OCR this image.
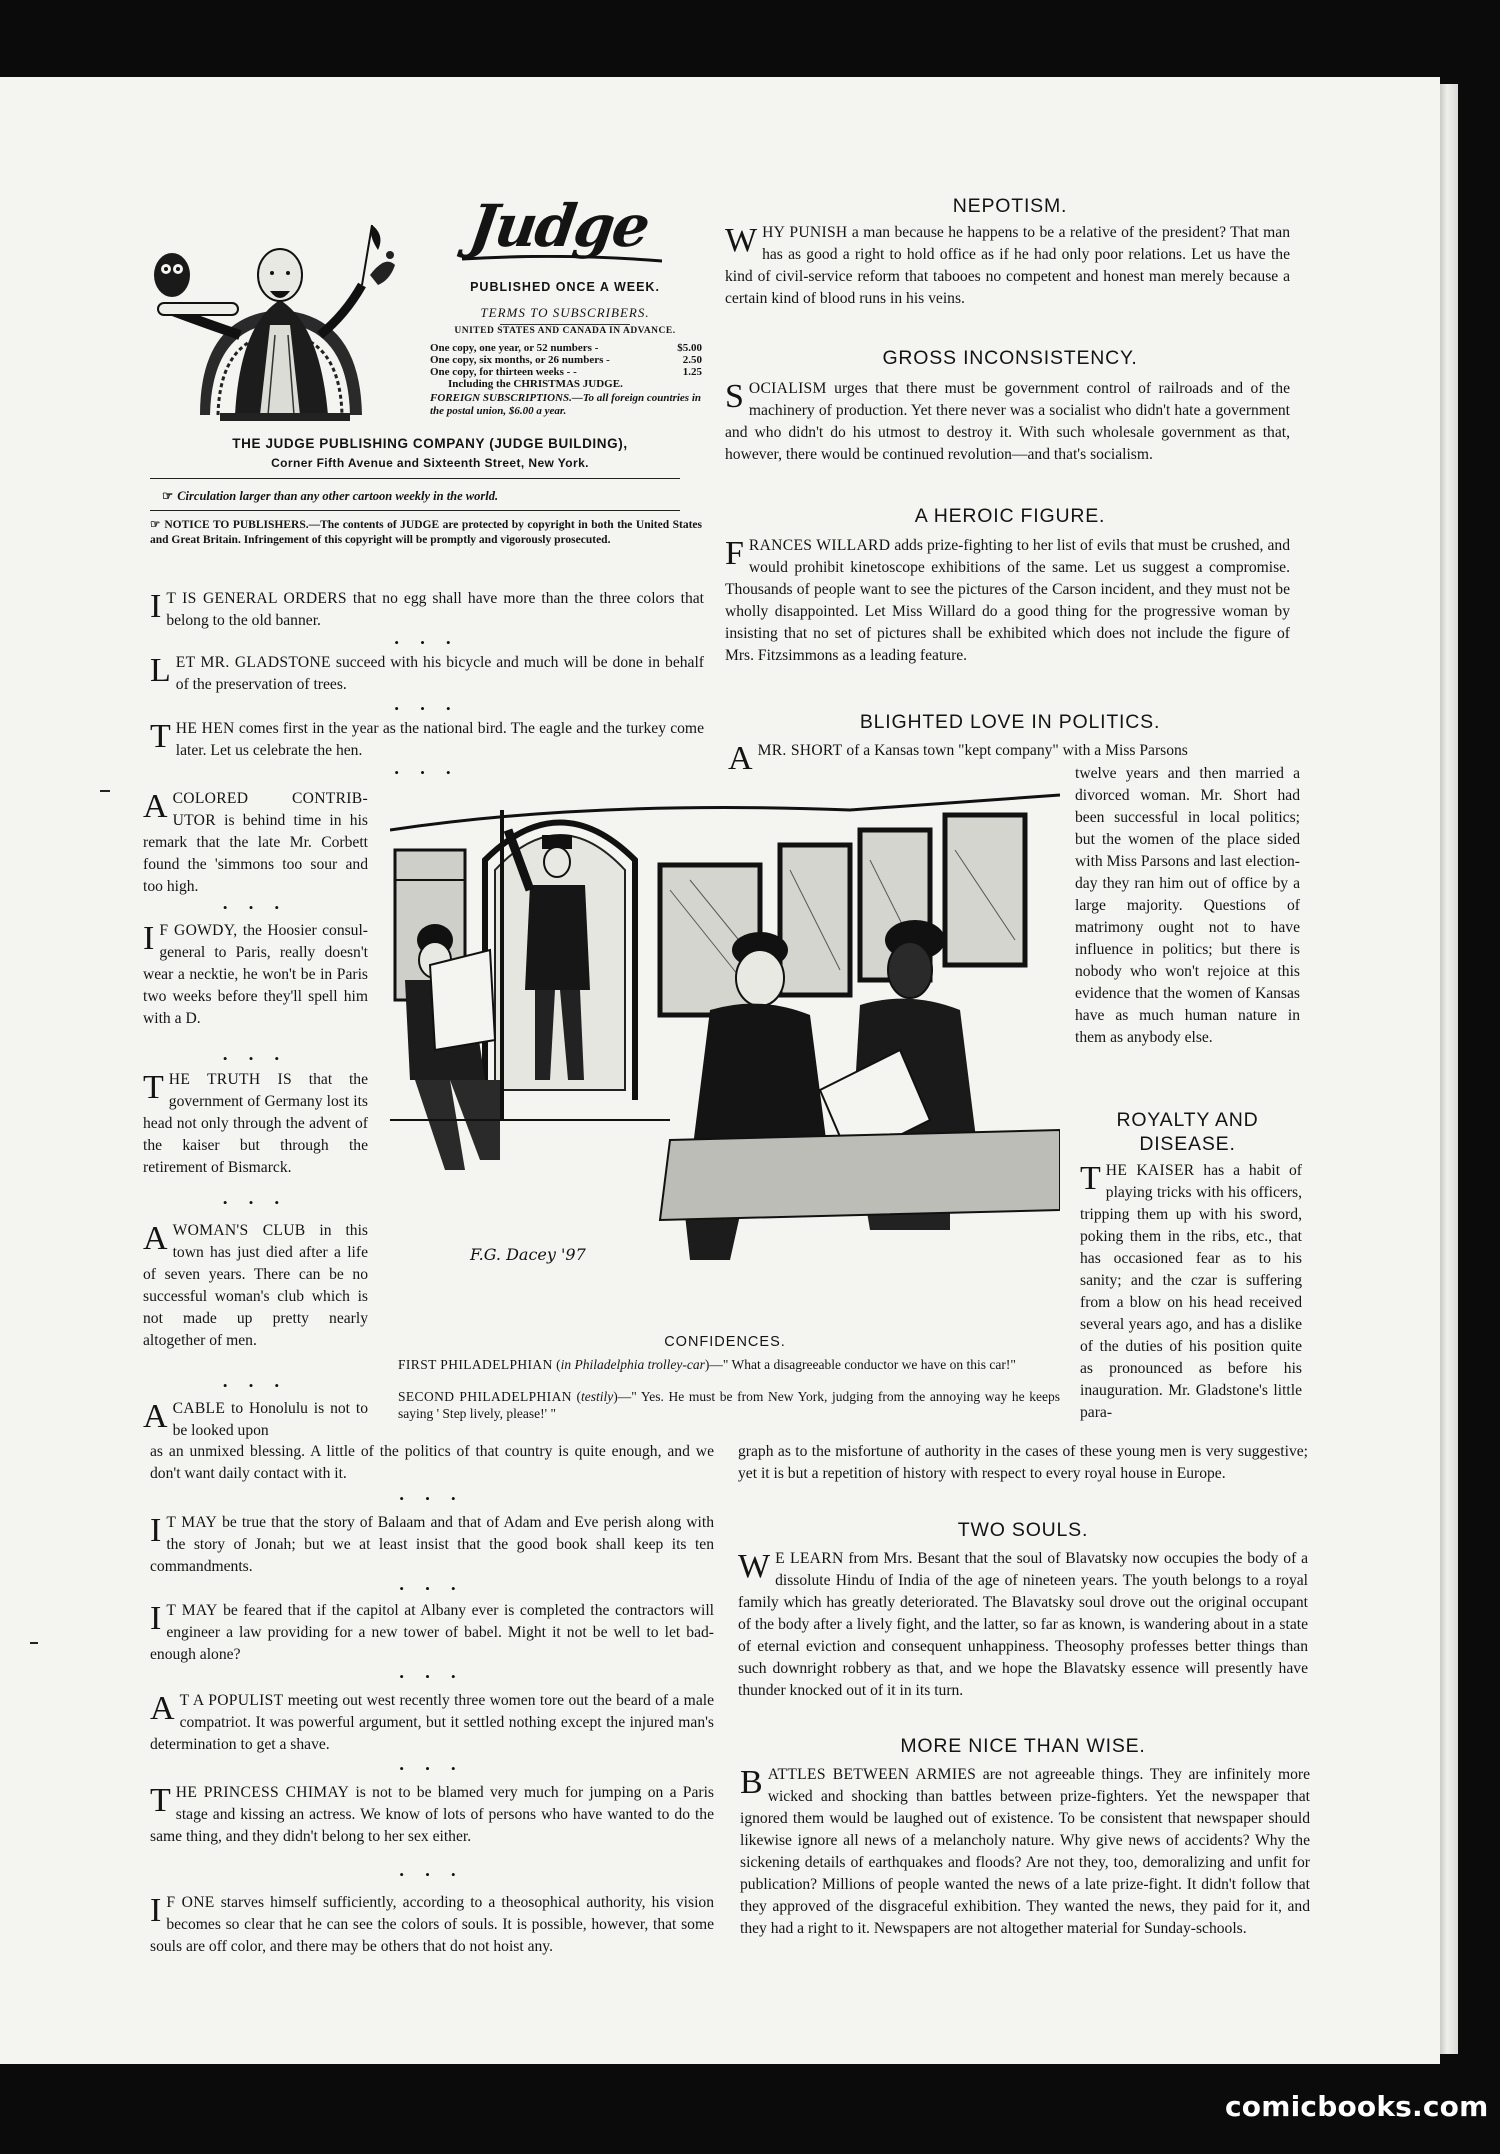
Judge
PUBLISHED ONCE A WEEK.
TERMS TO SUBSCRIBERS.
UNITED STATES AND CANADA IN ADVANCE.
One copy, one year, or 52 numbers -	$5.00
One copy, six months, or 26 numbers -	2.50
One copy, for thirteen weeks - -	1.25
Including the CHRISTMAS JUDGE.
FOREIGN SUBSCRIPTIONS.—To all foreign countries in the postal union, $6.00 a year.
THE JUDGE PUBLISHING COMPANY (JUDGE BUILDING),
Corner Fifth Avenue and Sixteenth Street, New York.
☞ Circulation larger than any other cartoon weekly in the world.
☞ NOTICE TO PUBLISHERS.—The contents of JUDGE are protected by copyright in both the United States and Great Britain. Infringement of this copyright will be promptly and vigorously prosecuted.
I T IS GENERAL ORDERS that no egg shall have more than the three colors that belong to the old banner.
• • •
LET MR. GLADSTONE succeed with his bicycle and much will be done in behalf of the preservation of trees.
• • •
THE HEN comes first in the year as the national bird. The eagle and the turkey come later. Let us celebrate the hen.
• • •
A COLORED CONTRIB-UTOR is behind time in his remark that the late Mr. Corbett found the 'simmons too sour and too high.
• • •
I F GOWDY, the Hoosier consul-general to Paris, really doesn't wear a necktie, he won't be in Paris two weeks before they'll spell him with a D.
• • •
THE TRUTH IS that the government of Germany lost its head not only through the advent of the kaiser but through the retirement of Bismarck.
• • •
A WOMAN'S CLUB in this town has just died after a life of seven years. There can be no successful woman's club which is not made up pretty nearly altogether of men.
• • •
A CABLE to Honolulu is not to be looked upon
F.G. Dacey '97
CONFIDENCES.
FIRST PHILADELPHIAN (in Philadelphia trolley-car)—" What a disagreeable conductor we have on this car!"
SECOND PHILADELPHIAN (testily)—" Yes. He must be from New York, judging from the annoying way he keeps saying ' Step lively, please!' "
as an unmixed blessing. A little of the politics of that country is quite enough, and we don't want daily contact with it.
• • •
I T MAY be true that the story of Balaam and that of Adam and Eve perish along with the story of Jonah; but we at least insist that the good book shall keep its ten commandments.
• • •
I T MAY be feared that if the capitol at Albany ever is completed the contractors will engineer a law providing for a new tower of babel. Might it not be well to let bad-enough alone?
• • •
A T A POPULIST meeting out west recently three women tore out the beard of a male compatriot. It was powerful argument, but it settled nothing except the injured man's determination to get a shave.
• • •
THE PRINCESS CHIMAY is not to be blamed very much for jumping on a Paris stage and kissing an actress. We know of lots of persons who have wanted to do the same thing, and they didn't belong to her sex either.
• • •
I F ONE starves himself sufficiently, according to a theosophical authority, his vision becomes so clear that he can see the colors of souls. It is possible, however, that some souls are off color, and there may be others that do not hoist any.
NEPOTISM.
WHY PUNISH a man because he happens to be a relative of the president? That man has as good a right to hold office as if he had only poor relations. Let us have the kind of civil-service reform that tabooes no competent and honest man merely because a certain kind of blood runs in his veins.
GROSS INCONSISTENCY.
SOCIALISM urges that there must be government control of railroads and of the machinery of production. Yet there never was a socialist who didn't hate a government and who didn't do his utmost to destroy it. With such wholesale government as that, however, there would be continued revolution—and that's socialism.
A HEROIC FIGURE.
FRANCES WILLARD adds prize-fighting to her list of evils that must be crushed, and would prohibit kinetoscope exhibitions of the same. Let us suggest a compromise. Thousands of people want to see the pictures of the Carson incident, and they must not be wholly disappointed. Let Miss Willard do a good thing for the progressive woman by insisting that no set of pictures shall be exhibited which does not include the figure of Mrs. Fitzsimmons as a leading feature.
BLIGHTED LOVE IN POLITICS.
A MR. SHORT of a Kansas town "kept company" with a Miss Parsons
twelve years and then married a divorced woman. Mr. Short had been successful in local politics; but the women of the place sided with Miss Parsons and last election-day they ran him out of office by a large majority. Questions of matrimony ought not to have influence in politics; but there is nobody who won't rejoice at this evidence that the women of Kansas have as much human nature in them as anybody else.
ROYALTY AND DISEASE.
THE KAISER has a habit of playing tricks with his officers, tripping them up with his sword, poking them in the ribs, etc., that has occasioned fear as to his sanity; and the czar is suffering from a blow on his head received several years ago, and has a dislike of the duties of his position quite as pronounced as before his inauguration. Mr. Gladstone's little para-
graph as to the misfortune of authority in the cases of these young men is very suggestive; yet it is but a repetition of history with respect to every royal house in Europe.
TWO SOULS.
W E LEARN from Mrs. Besant that the soul of Blavatsky now occupies the body of a dissolute Hindu of India of the age of nineteen years. The youth belongs to a royal family which has greatly deteriorated. The Blavatsky soul drove out the original occupant of the body after a lively fight, and the latter, so far as known, is wandering about in a state of eternal eviction and consequent unhappiness. Theosophy professes better things than such downright robbery as that, and we hope the Blavatsky essence will presently have thunder knocked out of it in its turn.
MORE NICE THAN WISE.
BATTLES BETWEEN ARMIES are not agreeable things. They are infinitely more wicked and shocking than battles between prize-fighters. Yet the newspaper that ignored them would be laughed out of existence. To be consistent that newspaper should likewise ignore all news of a melancholy nature. Why give news of accidents? Why the sickening details of earthquakes and floods? Are not they, too, demoralizing and unfit for publication? Millions of people wanted the news of a late prize-fight. It didn't follow that they approved of the disgraceful exhibition. They wanted the news, they paid for it, and they had a right to it. Newspapers are not altogether material for Sunday-schools.
comicbooks.com
